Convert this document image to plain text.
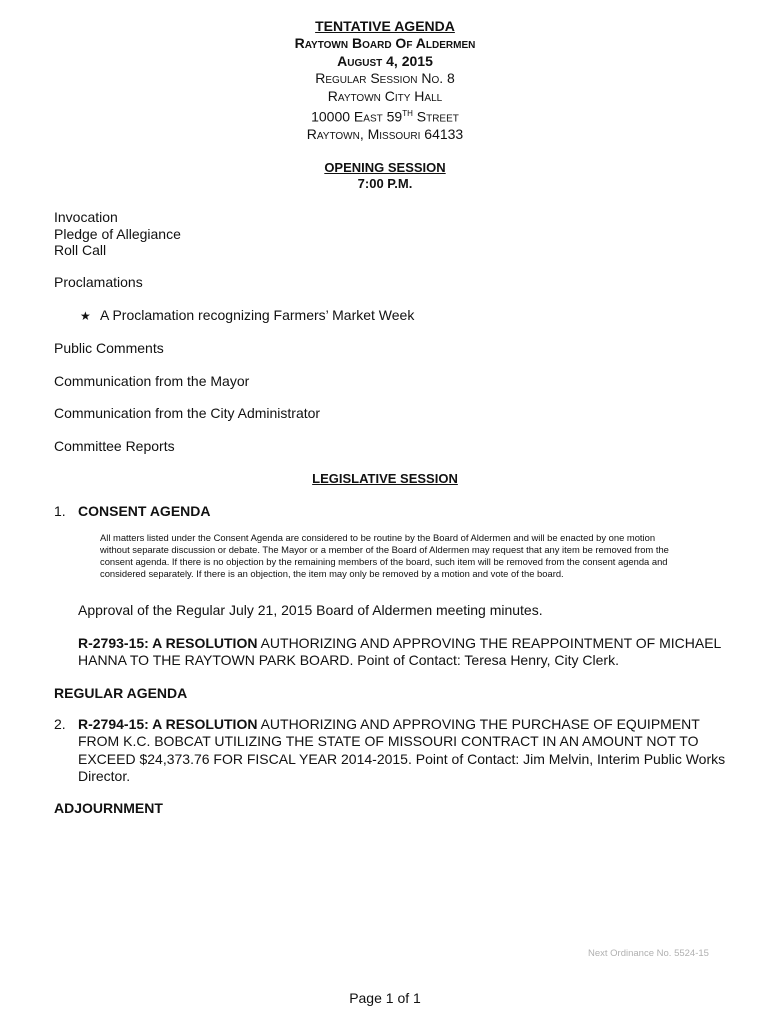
TENTATIVE AGENDA
Raytown Board Of Aldermen
August 4, 2015
Regular Session No. 8
Raytown City Hall
10000 East 59TH Street
Raytown, Missouri 64133
OPENING SESSION
7:00 P.M.
Invocation
Pledge of Allegiance
Roll Call
Proclamations
★ A Proclamation recognizing Farmers’ Market Week
Public Comments
Communication from the Mayor
Communication from the City Administrator
Committee Reports
LEGISLATIVE SESSION
1. CONSENT AGENDA
All matters listed under the Consent Agenda are considered to be routine by the Board of Aldermen and will be enacted by one motion without separate discussion or debate. The Mayor or a member of the Board of Aldermen may request that any item be removed from the consent agenda. If there is no objection by the remaining members of the board, such item will be removed from the consent agenda and considered separately. If there is an objection, the item may only be removed by a motion and vote of the board.
Approval of the Regular July 21, 2015 Board of Aldermen meeting minutes.
R-2793-15: A RESOLUTION AUTHORIZING AND APPROVING THE REAPPOINTMENT OF MICHAEL HANNA TO THE RAYTOWN PARK BOARD. Point of Contact: Teresa Henry, City Clerk.
REGULAR AGENDA
2. R-2794-15: A RESOLUTION AUTHORIZING AND APPROVING THE PURCHASE OF EQUIPMENT FROM K.C. BOBCAT UTILIZING THE STATE OF MISSOURI CONTRACT IN AN AMOUNT NOT TO EXCEED $24,373.76 FOR FISCAL YEAR 2014-2015. Point of Contact: Jim Melvin, Interim Public Works Director.
ADJOURNMENT
Next Ordinance No. 5524-15
Page 1 of 1
